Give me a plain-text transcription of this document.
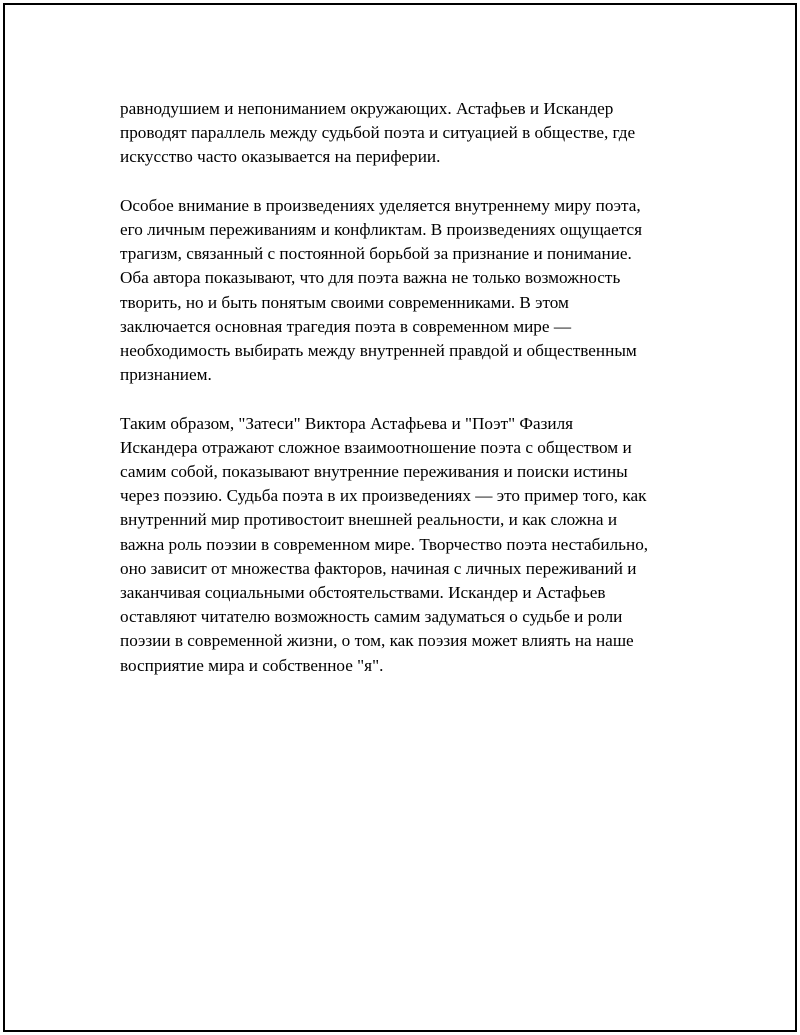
равнодушием и непониманием окружающих. Астафьев и Искандер
проводят параллель между судьбой поэта и ситуацией в обществе, где
искусство часто оказывается на периферии.

Особое внимание в произведениях уделяется внутреннему миру поэта,
его личным переживаниям и конфликтам. В произведениях ощущается
трагизм, связанный с постоянной борьбой за признание и понимание.
Оба автора показывают, что для поэта важна не только возможность
творить, но и быть понятым своими современниками. В этом
заключается основная трагедия поэта в современном мире —
необходимость выбирать между внутренней правдой и общественным
признанием.

Таким образом, "Затеси" Виктора Астафьева и "Поэт" Фазиля
Искандера отражают сложное взаимоотношение поэта с обществом и
самим собой, показывают внутренние переживания и поиски истины
через поэзию. Судьба поэта в их произведениях — это пример того, как
внутренний мир противостоит внешней реальности, и как сложна и
важна роль поэзии в современном мире. Творчество поэта нестабильно,
оно зависит от множества факторов, начиная с личных переживаний и
заканчивая социальными обстоятельствами. Искандер и Астафьев
оставляют читателю возможность самим задуматься о судьбе и роли
поэзии в современной жизни, о том, как поэзия может влиять на наше
восприятие мира и собственное "я".
